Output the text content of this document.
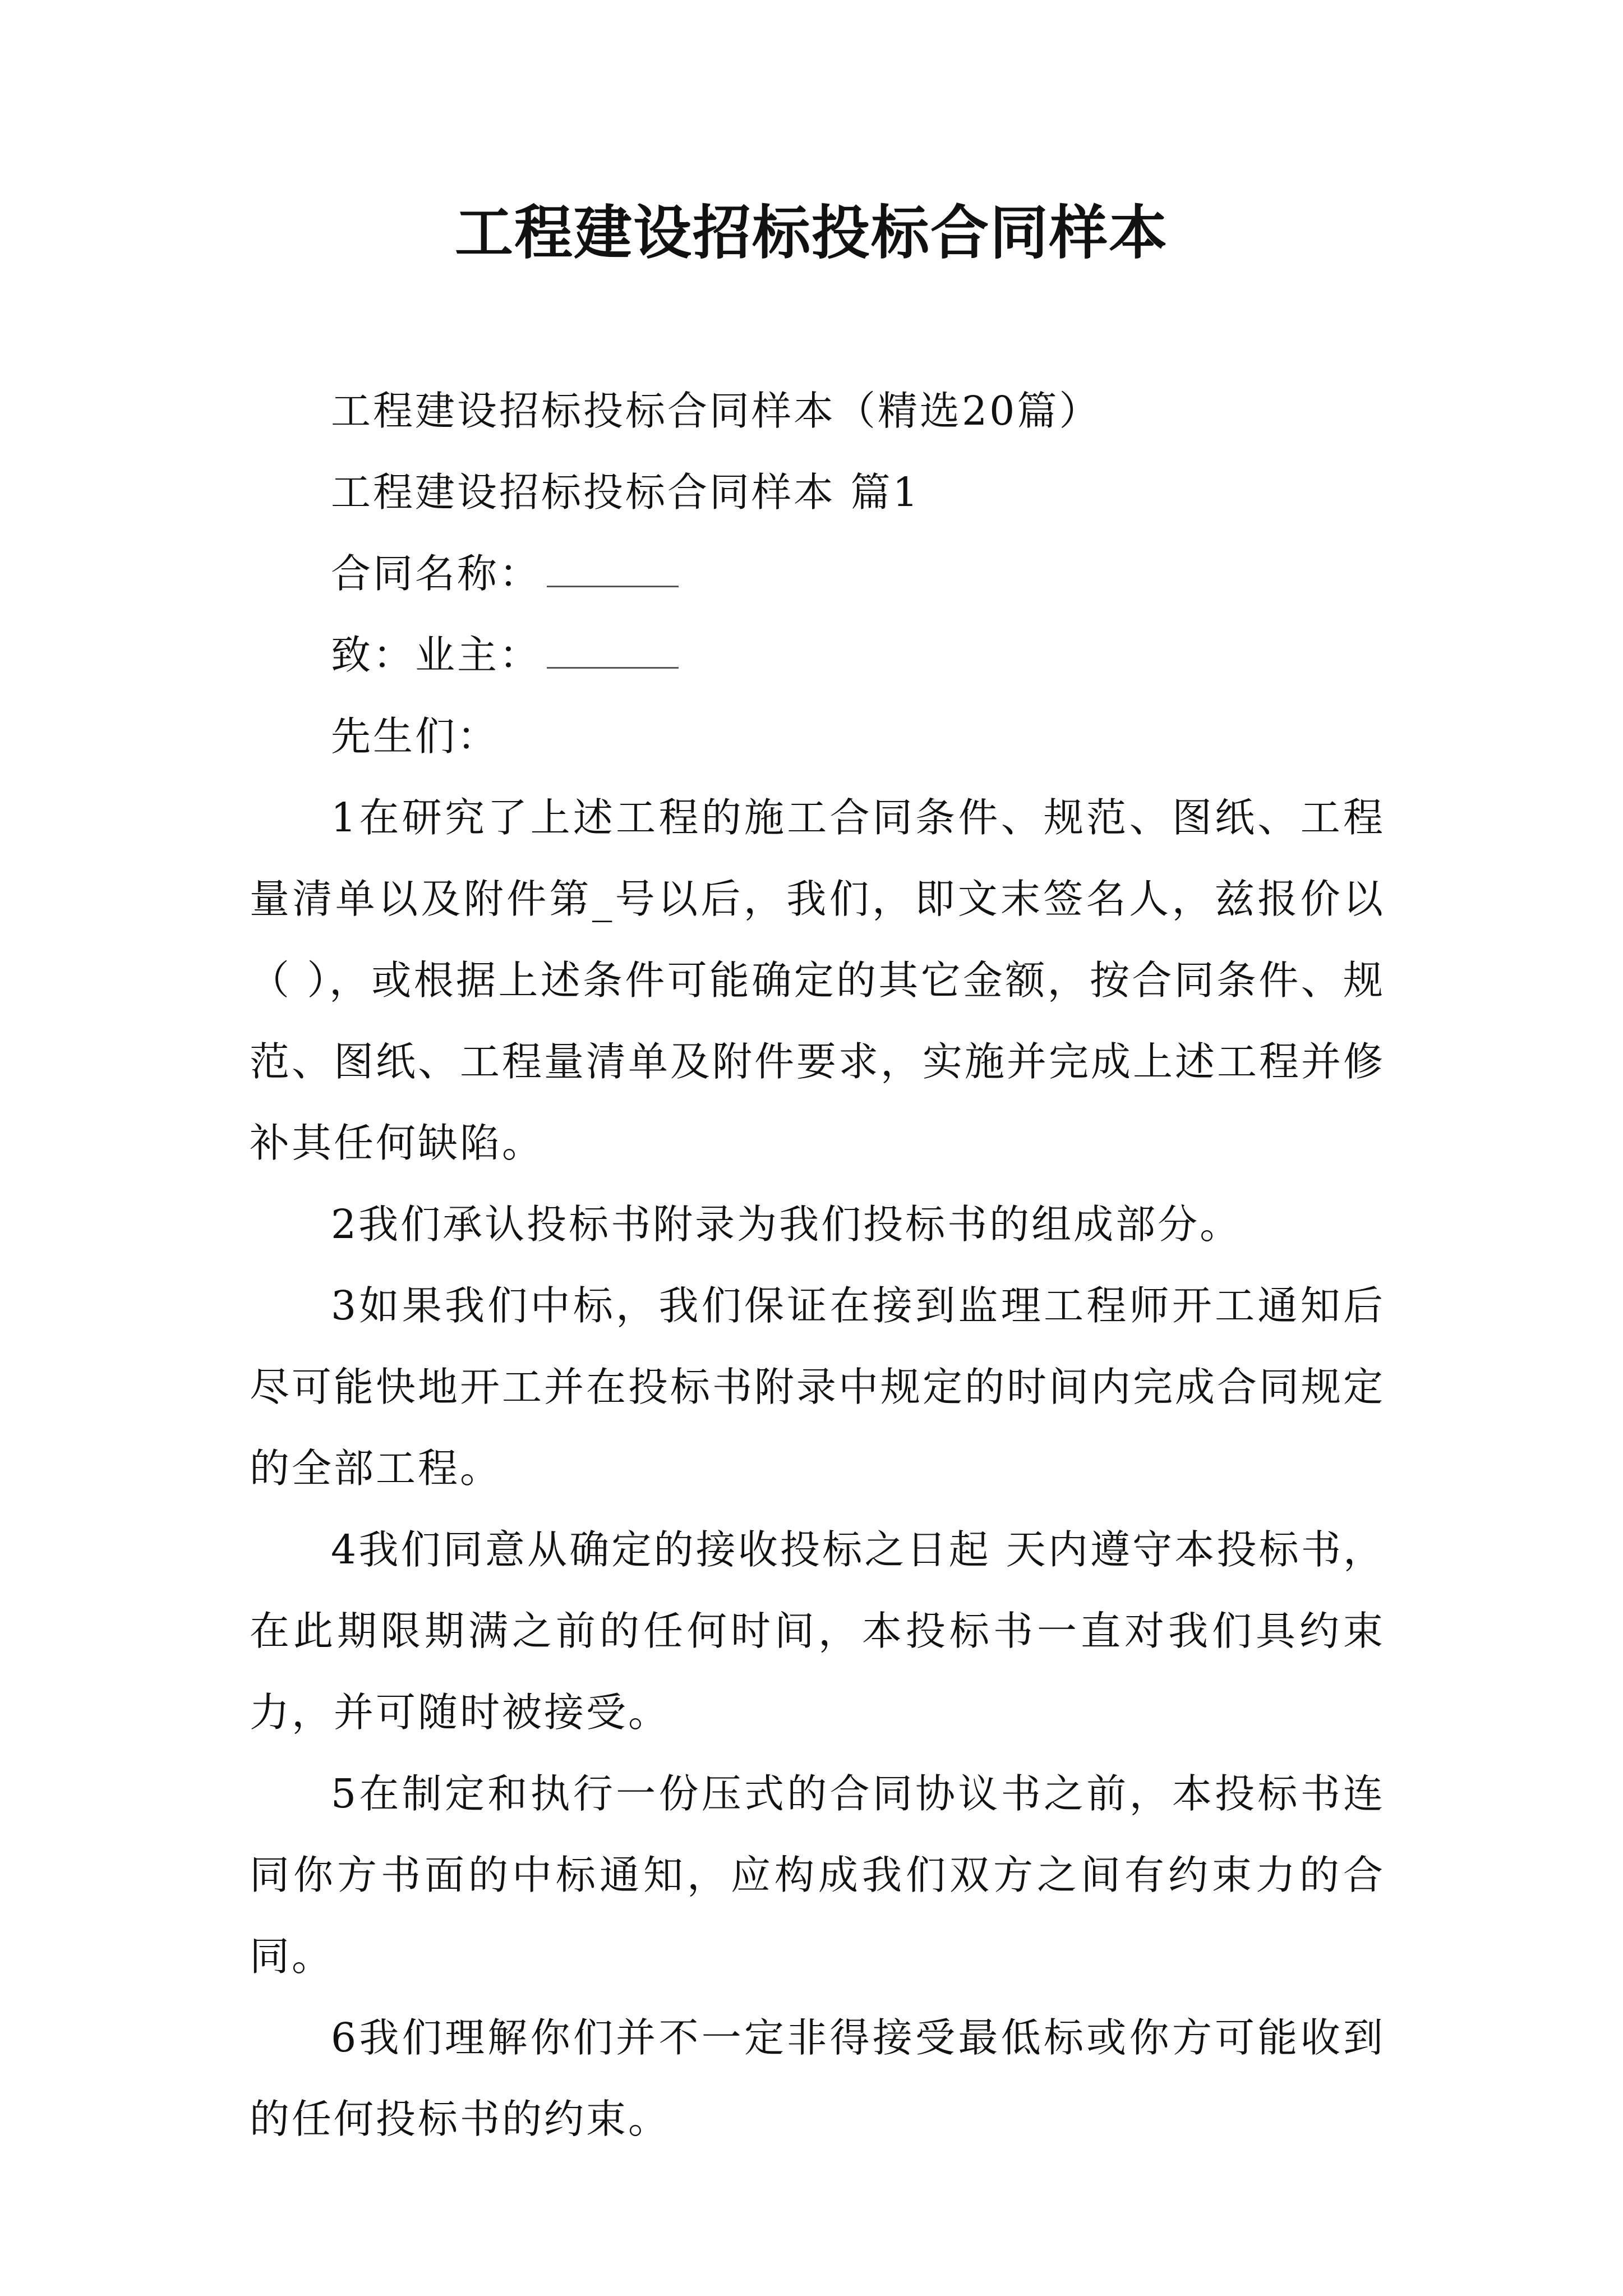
工程建设招标投标合同样本

工程建设招标投标合同样本（精选20篇）

工程建设招标投标合同样本 篇1

合同名称：

致：业主：

先生们：

1在研究了上述工程的施工合同条件、规范、图纸、工程量清单以及附件第_号以后，我们，即文末签名人，兹报价以（ ），或根据上述条件可能确定的其它金额，按合同条件、规范、图纸、工程量清单及附件要求，实施并完成上述工程并修补其任何缺陷。

2我们承认投标书附录为我们投标书的组成部分。

3如果我们中标，我们保证在接到监理工程师开工通知后尽可能快地开工并在投标书附录中规定的时间内完成合同规定的全部工程。

4我们同意从确定的接收投标之日起 天内遵守本投标书，在此期限期满之前的任何时间，本投标书一直对我们具约束力，并可随时被接受。

5在制定和执行一份压式的合同协议书之前，本投标书连同你方书面的中标通知，应构成我们双方之间有约束力的合同。

6我们理解你们并不一定非得接受最低标或你方可能收到的任何投标书的约束。
